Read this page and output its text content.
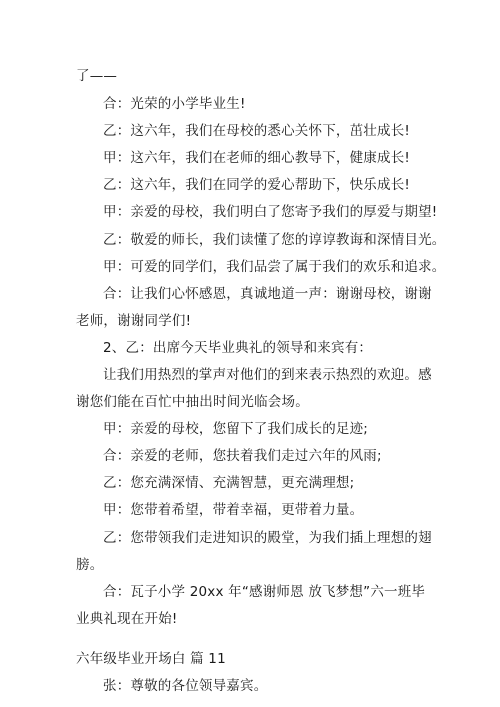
了——
合：光荣的小学毕业生!
乙：这六年，我们在母校的悉心关怀下，茁壮成长!
甲：这六年，我们在老师的细心教导下，健康成长!
乙：这六年，我们在同学的爱心帮助下，快乐成长!
甲：亲爱的母校，我们明白了您寄予我们的厚爱与期望!
乙：敬爱的师长，我们读懂了您的谆谆教诲和深情目光。
甲：可爱的同学们，我们品尝了属于我们的欢乐和追求。
合：让我们心怀感恩，真诚地道一声：谢谢母校，谢谢
老师，谢谢同学们!
2、乙：出席今天毕业典礼的领导和来宾有：
让我们用热烈的掌声对他们的到来表示热烈的欢迎。感
谢您们能在百忙中抽出时间光临会场。
甲：亲爱的母校，您留下了我们成长的足迹;
合：亲爱的老师，您扶着我们走过六年的风雨;
乙：您充满深情、充满智慧，更充满理想;
甲：您带着希望，带着幸福，更带着力量。
乙：您带领我们走进知识的殿堂，为我们插上理想的翅
膀。
合：瓦子小学 20xx 年“感谢师恩 放飞梦想”六一班毕
业典礼现在开始!
六年级毕业开场白 篇 11
张：尊敬的各位领导嘉宾。
